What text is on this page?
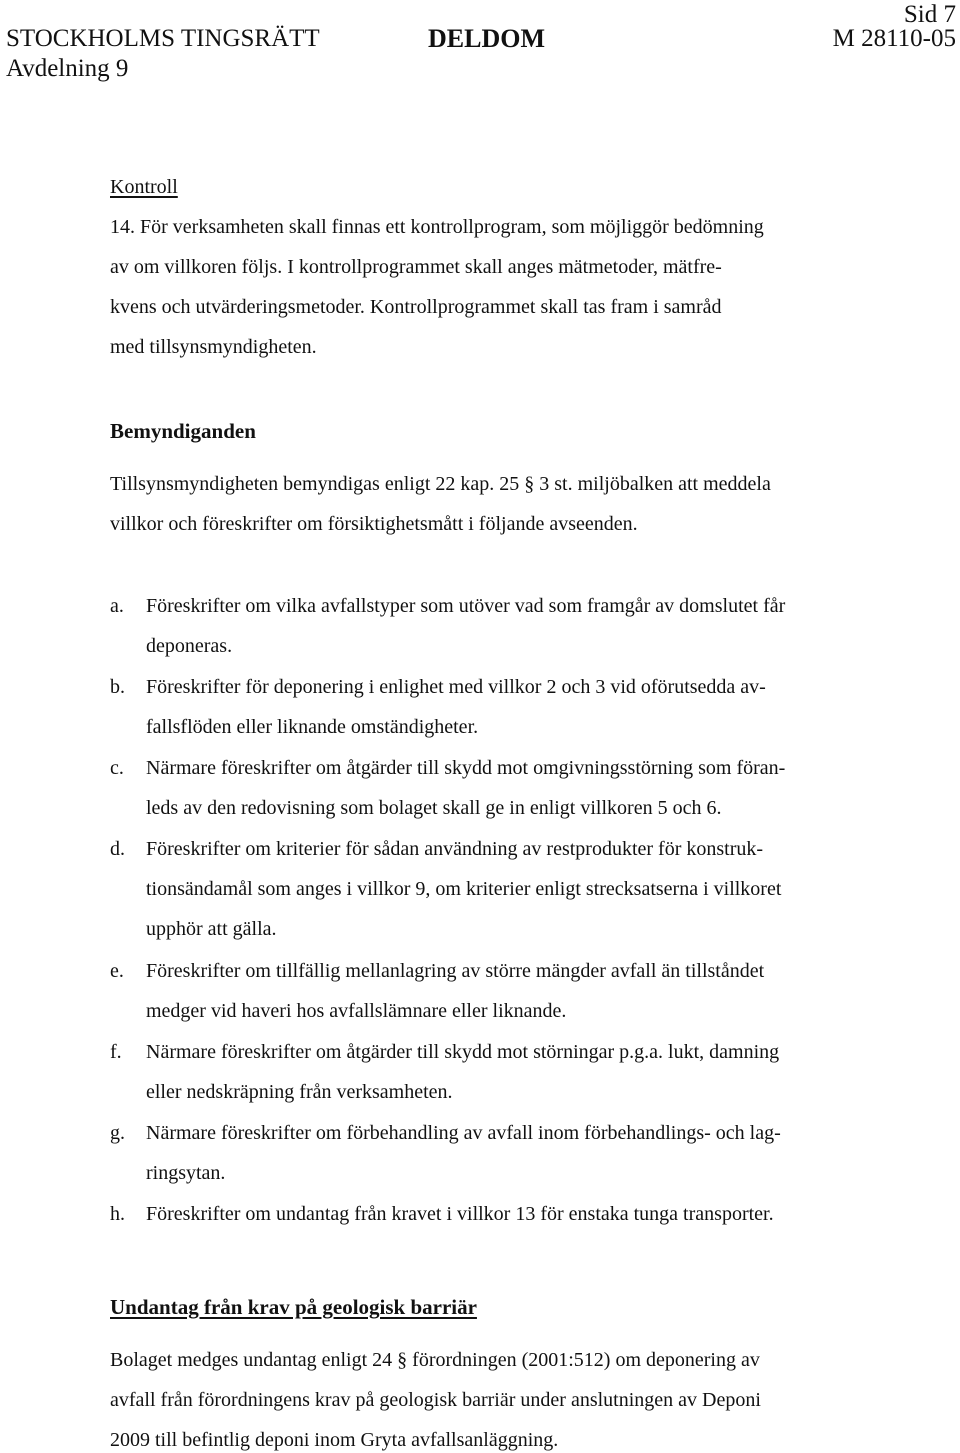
STOCKHOLMS TINGSRÄTT
Avdelning 9
DELDOM
Sid 7
M 28110-05
Kontroll
14. För verksamheten skall finnas ett kontrollprogram, som möjliggör bedömning
av om villkoren följs. I kontrollprogrammet skall anges mätmetoder, mätfre-
kvens och utvärderingsmetoder. Kontrollprogrammet skall tas fram i samråd
med tillsynsmyndigheten.
Bemyndiganden
Tillsynsmyndigheten bemyndigas enligt 22 kap. 25 § 3 st. miljöbalken att meddela
villkor och föreskrifter om försiktighetsmått i följande avseenden.
a. Föreskrifter om vilka avfallstyper som utöver vad som framgår av domslutet får
deponeras.
b. Föreskrifter för deponering i enlighet med villkor 2 och 3 vid oförutsedda av-
fallsflöden eller liknande omständigheter.
c. Närmare föreskrifter om åtgärder till skydd mot omgivningsstörning som föran-
leds av den redovisning som bolaget skall ge in enligt villkoren 5 och 6.
d. Föreskrifter om kriterier för sådan användning av restprodukter för konstruk-
tionsändamål som anges i villkor 9, om kriterier enligt strecksatserna i villkoret
upphör att gälla.
e. Föreskrifter om tillfällig mellanlagring av större mängder avfall än tillståndet
medger vid haveri hos avfallslämnare eller liknande.
f. Närmare föreskrifter om åtgärder till skydd mot störningar p.g.a. lukt, damning
eller nedskräpning från verksamheten.
g. Närmare föreskrifter om förbehandling av avfall inom förbehandlings- och lag-
ringsytan.
h. Föreskrifter om undantag från kravet i villkor 13 för enstaka tunga transporter.
Undantag från krav på geologisk barriär
Bolaget medges undantag enligt 24 § förordningen (2001:512) om deponering av
avfall från förordningens krav på geologisk barriär under anslutningen av Deponi
2009 till befintlig deponi inom Gryta avfallsanläggning.
